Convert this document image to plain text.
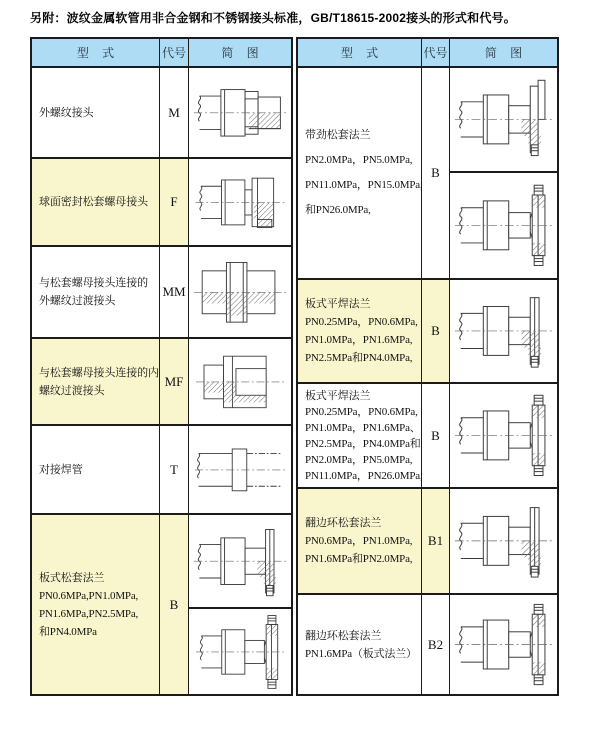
另附：波纹金属软管用非合金钢和不锈钢接头标准，GB/T18615-2002接头的形式和代号。
型    式	代号	简    图
外螺纹接头	M
球面密封松套螺母接头	F
与松套螺母接头连接的
外螺纹过渡接头
MM
与松套螺母接头连接的内
螺纹过渡接头
MF
对接焊管	T
板式松套法兰
PN0.6MPa,PN1.0MPa,
PN1.6MPa,PN2.5MPa,
和PN4.0MPa
B
型    式	代号	简    图
带劲松套法兰
PN2.0MPa，PN5.0MPa,
PN11.0MPa，PN15.0MPa,
和PN26.0MPa,
B
板式平焊法兰
PN0.25MPa，PN0.6MPa,
PN1.0MPa，PN1.6MPa,
PN2.5MPa和PN4.0MPa,
B
板式平焊法兰
PN0.25MPa，PN0.6MPa,
PN1.0MPa，PN1.6MPa、
PN2.5MPa，PN4.0MPa和
PN2.0MPa，PN5.0MPa,
PN11.0MPa，PN26.0MPa,
B
翻边环松套法兰
PN0.6MPa，PN1.0MPa,
PN1.6MPa和PN2.0MPa,
B1
翻边环松套法兰
PN1.6MPa（板式法兰）
B2
